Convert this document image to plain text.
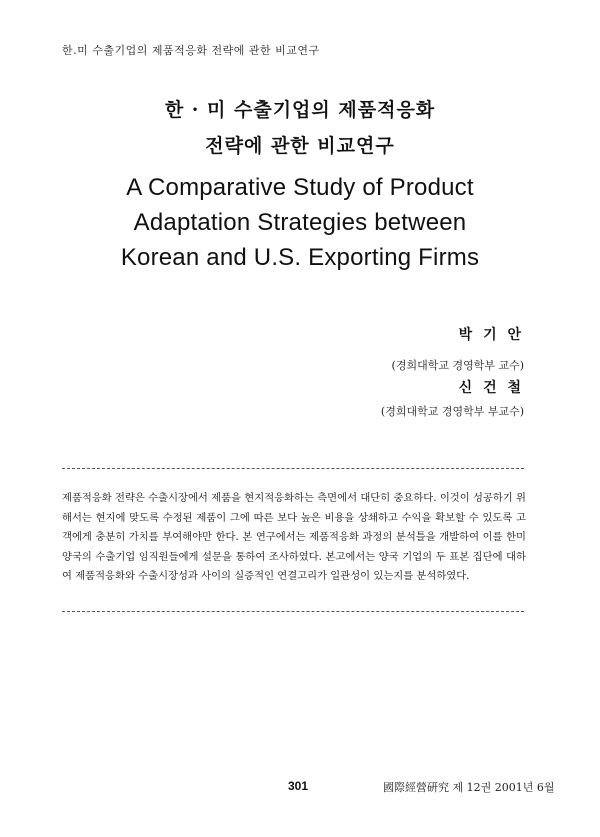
한.미 수출기업의 제품적응화 전략에 관한 비교연구
한 · 미 수출기업의 제품적응화
전략에 관한 비교연구
A Comparative Study of Product
Adaptation Strategies between
Korean and U.S. Exporting Firms
박 기 안
(경희대학교 경영학부 교수)
신 건 철
(경희대학교 경영학부 부교수)
제품적응화 전략은 수출시장에서 제품을 현지적응화하는 측면에서 대단히 중요하다. 이것이 성공하기 위해서는 현지에 맞도록 수정된 제품이 그에 따른 보다 높은 비용을 상쇄하고 수익을 확보할 수 있도록 고객에게 충분히 가치를 부여해야만 한다. 본 연구에서는 제품적응화 과정의 분석틀을 개발하여 이를 한미양국의 수출기업 임직원들에게 설문을 통하여 조사하였다. 본고에서는 양국 기업의 두 표본 집단에 대하여 제품적응화와 수출시장성과 사이의 실증적인 연결고리가 일관성이 있는지를 분석하였다.
301	國際經營硏究 제 12권 2001년 6월
